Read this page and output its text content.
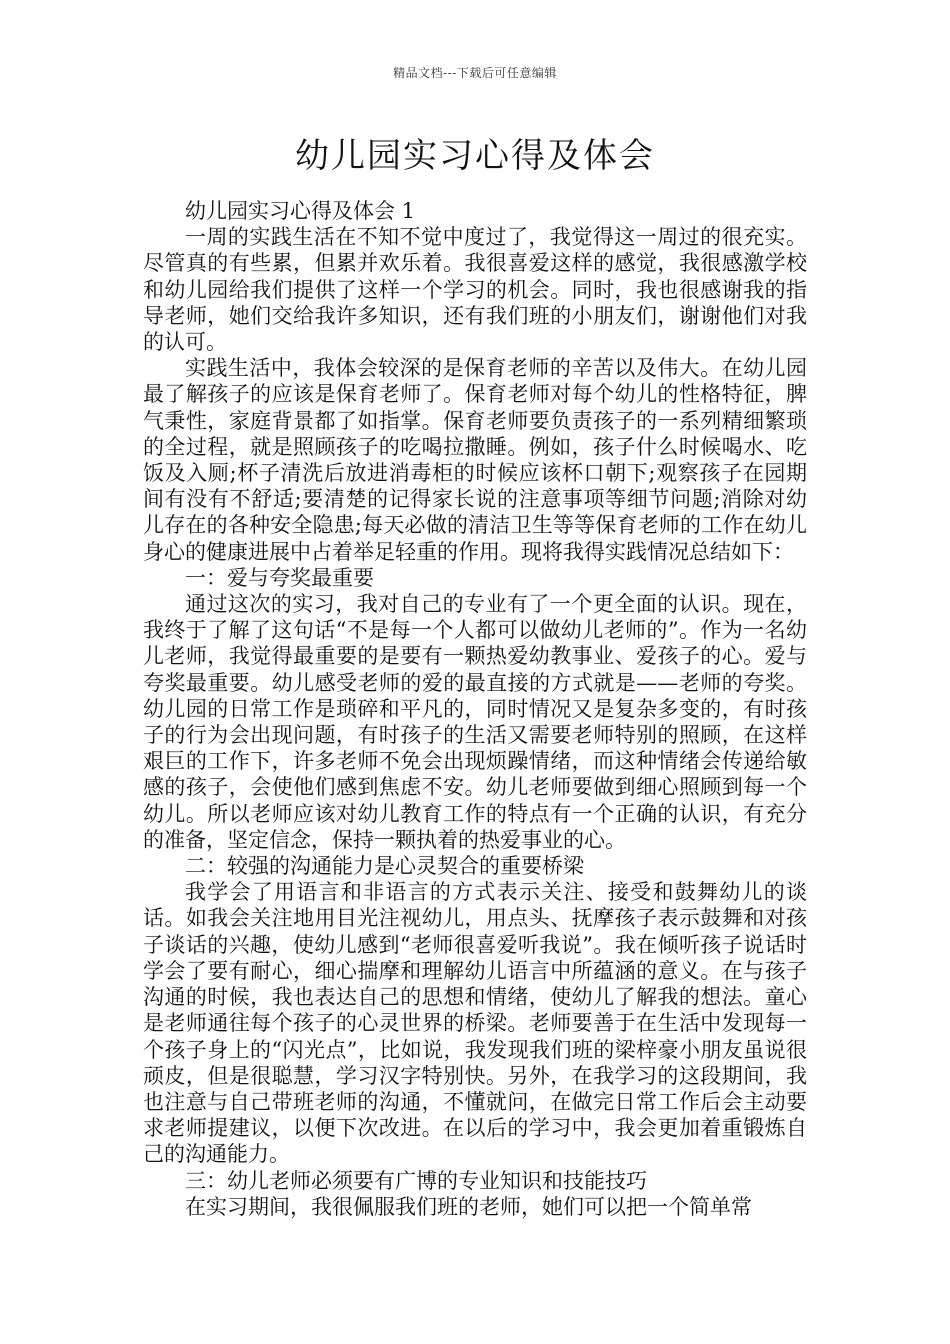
精品文档---下载后可任意编辑
幼儿园实习心得及体会

幼儿园实习心得及体会 1

一周的实践生活在不知不觉中度过了，我觉得这一周过的很充实。尽管真的有些累，但累并欢乐着。我很喜爱这样的感觉，我很感激学校和幼儿园给我们提供了这样一个学习的机会。同时，我也很感谢我的指导老师，她们交给我许多知识，还有我们班的小朋友们，谢谢他们对我的认可。

实践生活中，我体会较深的是保育老师的辛苦以及伟大。在幼儿园最了解孩子的应该是保育老师了。保育老师对每个幼儿的性格特征，脾气秉性，家庭背景都了如指掌。保育老师要负责孩子的一系列精细繁琐的全过程，就是照顾孩子的吃喝拉撒睡。例如，孩子什么时候喝水、吃饭及入厕;杯子清洗后放进消毒柜的时候应该杯口朝下;观察孩子在园期间有没有不舒适;要清楚的记得家长说的注意事项等细节问题;消除对幼儿存在的各种安全隐患;每天必做的清洁卫生等等保育老师的工作在幼儿身心的健康进展中占着举足轻重的作用。现将我得实践情况总结如下：

一：爱与夸奖最重要

通过这次的实习，我对自己的专业有了一个更全面的认识。现在，我终于了解了这句话“不是每一个人都可以做幼儿老师的”。作为一名幼儿老师，我觉得最重要的是要有一颗热爱幼教事业、爱孩子的心。爱与夸奖最重要。幼儿感受老师的爱的最直接的方式就是——老师的夸奖。幼儿园的日常工作是琐碎和平凡的，同时情况又是复杂多变的，有时孩子的行为会出现问题，有时孩子的生活又需要老师特别的照顾，在这样艰巨的工作下，许多老师不免会出现烦躁情绪，而这种情绪会传递给敏感的孩子，会使他们感到焦虑不安。幼儿老师要做到细心照顾到每一个幼儿。所以老师应该对幼儿教育工作的特点有一个正确的认识，有充分的准备，坚定信念，保持一颗执着的热爱事业的心。

二：较强的沟通能力是心灵契合的重要桥梁

我学会了用语言和非语言的方式表示关注、接受和鼓舞幼儿的谈话。如我会关注地用目光注视幼儿，用点头、抚摩孩子表示鼓舞和对孩子谈话的兴趣，使幼儿感到“老师很喜爱听我说”。我在倾听孩子说话时学会了要有耐心，细心揣摩和理解幼儿语言中所蕴涵的意义。在与孩子沟通的时候，我也表达自己的思想和情绪，使幼儿了解我的想法。童心是老师通往每个孩子的心灵世界的桥梁。老师要善于在生活中发现每一个孩子身上的“闪光点”，比如说，我发现我们班的梁梓豪小朋友虽说很顽皮，但是很聪慧，学习汉字特别快。另外，在我学习的这段期间，我也注意与自己带班老师的沟通，不懂就问，在做完日常工作后会主动要求老师提建议，以便下次改进。在以后的学习中，我会更加着重锻炼自己的沟通能力。

三：幼儿老师必须要有广博的专业知识和技能技巧

在实习期间，我很佩服我们班的老师，她们可以把一个简单常
